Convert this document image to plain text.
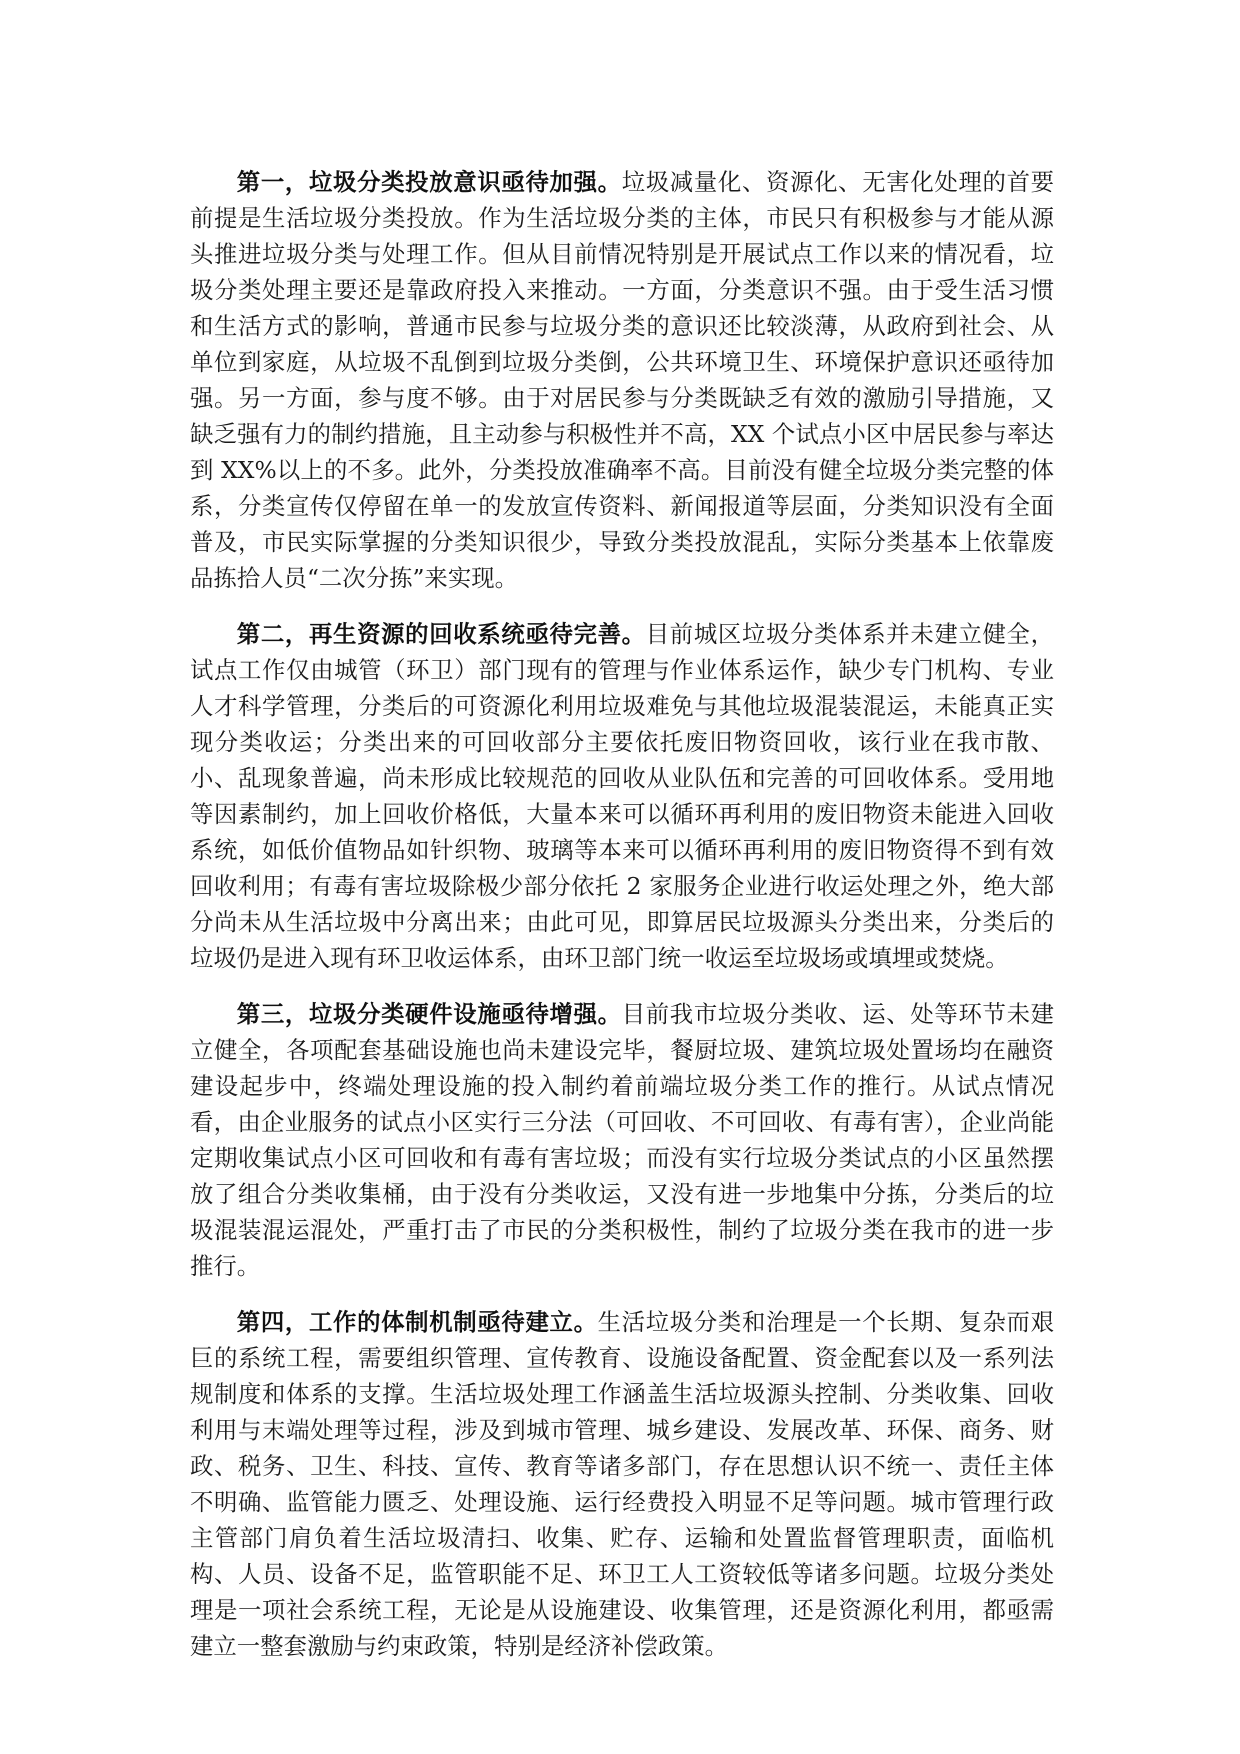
第一，垃圾分类投放意识亟待加强。垃圾减量化、资源化、无害化处理的首要前提是生活垃圾分类投放。作为生活垃圾分类的主体，市民只有积极参与才能从源头推进垃圾分类与处理工作。但从目前情况特别是开展试点工作以来的情况看，垃圾分类处理主要还是靠政府投入来推动。一方面，分类意识不强。由于受生活习惯和生活方式的影响，普通市民参与垃圾分类的意识还比较淡薄，从政府到社会、从单位到家庭，从垃圾不乱倒到垃圾分类倒，公共环境卫生、环境保护意识还亟待加强。另一方面，参与度不够。由于对居民参与分类既缺乏有效的激励引导措施，又缺乏强有力的制约措施，且主动参与积极性并不高，XX 个试点小区中居民参与率达到 XX%以上的不多。此外，分类投放准确率不高。目前没有健全垃圾分类完整的体系，分类宣传仅停留在单一的发放宣传资料、新闻报道等层面，分类知识没有全面普及，市民实际掌握的分类知识很少，导致分类投放混乱，实际分类基本上依靠废品拣拾人员“二次分拣”来实现。

第二，再生资源的回收系统亟待完善。目前城区垃圾分类体系并未建立健全，试点工作仅由城管（环卫）部门现有的管理与作业体系运作，缺少专门机构、专业人才科学管理，分类后的可资源化利用垃圾难免与其他垃圾混装混运，未能真正实现分类收运；分类出来的可回收部分主要依托废旧物资回收，该行业在我市散、小、乱现象普遍，尚未形成比较规范的回收从业队伍和完善的可回收体系。受用地等因素制约，加上回收价格低，大量本来可以循环再利用的废旧物资未能进入回收系统，如低价值物品如针织物、玻璃等本来可以循环再利用的废旧物资得不到有效回收利用；有毒有害垃圾除极少部分依托 2 家服务企业进行收运处理之外，绝大部分尚未从生活垃圾中分离出来；由此可见，即算居民垃圾源头分类出来，分类后的垃圾仍是进入现有环卫收运体系，由环卫部门统一收运至垃圾场或填埋或焚烧。

第三，垃圾分类硬件设施亟待增强。目前我市垃圾分类收、运、处等环节未建立健全，各项配套基础设施也尚未建设完毕，餐厨垃圾、建筑垃圾处置场均在融资建设起步中，终端处理设施的投入制约着前端垃圾分类工作的推行。从试点情况看，由企业服务的试点小区实行三分法（可回收、不可回收、有毒有害），企业尚能定期收集试点小区可回收和有毒有害垃圾；而没有实行垃圾分类试点的小区虽然摆放了组合分类收集桶，由于没有分类收运，又没有进一步地集中分拣，分类后的垃圾混装混运混处，严重打击了市民的分类积极性，制约了垃圾分类在我市的进一步推行。

第四，工作的体制机制亟待建立。生活垃圾分类和治理是一个长期、复杂而艰巨的系统工程，需要组织管理、宣传教育、设施设备配置、资金配套以及一系列法规制度和体系的支撑。生活垃圾处理工作涵盖生活垃圾源头控制、分类收集、回收利用与末端处理等过程，涉及到城市管理、城乡建设、发展改革、环保、商务、财政、税务、卫生、科技、宣传、教育等诸多部门，存在思想认识不统一、责任主体不明确、监管能力匮乏、处理设施、运行经费投入明显不足等问题。城市管理行政主管部门肩负着生活垃圾清扫、收集、贮存、运输和处置监督管理职责，面临机构、人员、设备不足，监管职能不足、环卫工人工资较低等诸多问题。垃圾分类处理是一项社会系统工程，无论是从设施建设、收集管理，还是资源化利用，都亟需建立一整套激励与约束政策，特别是经济补偿政策。
